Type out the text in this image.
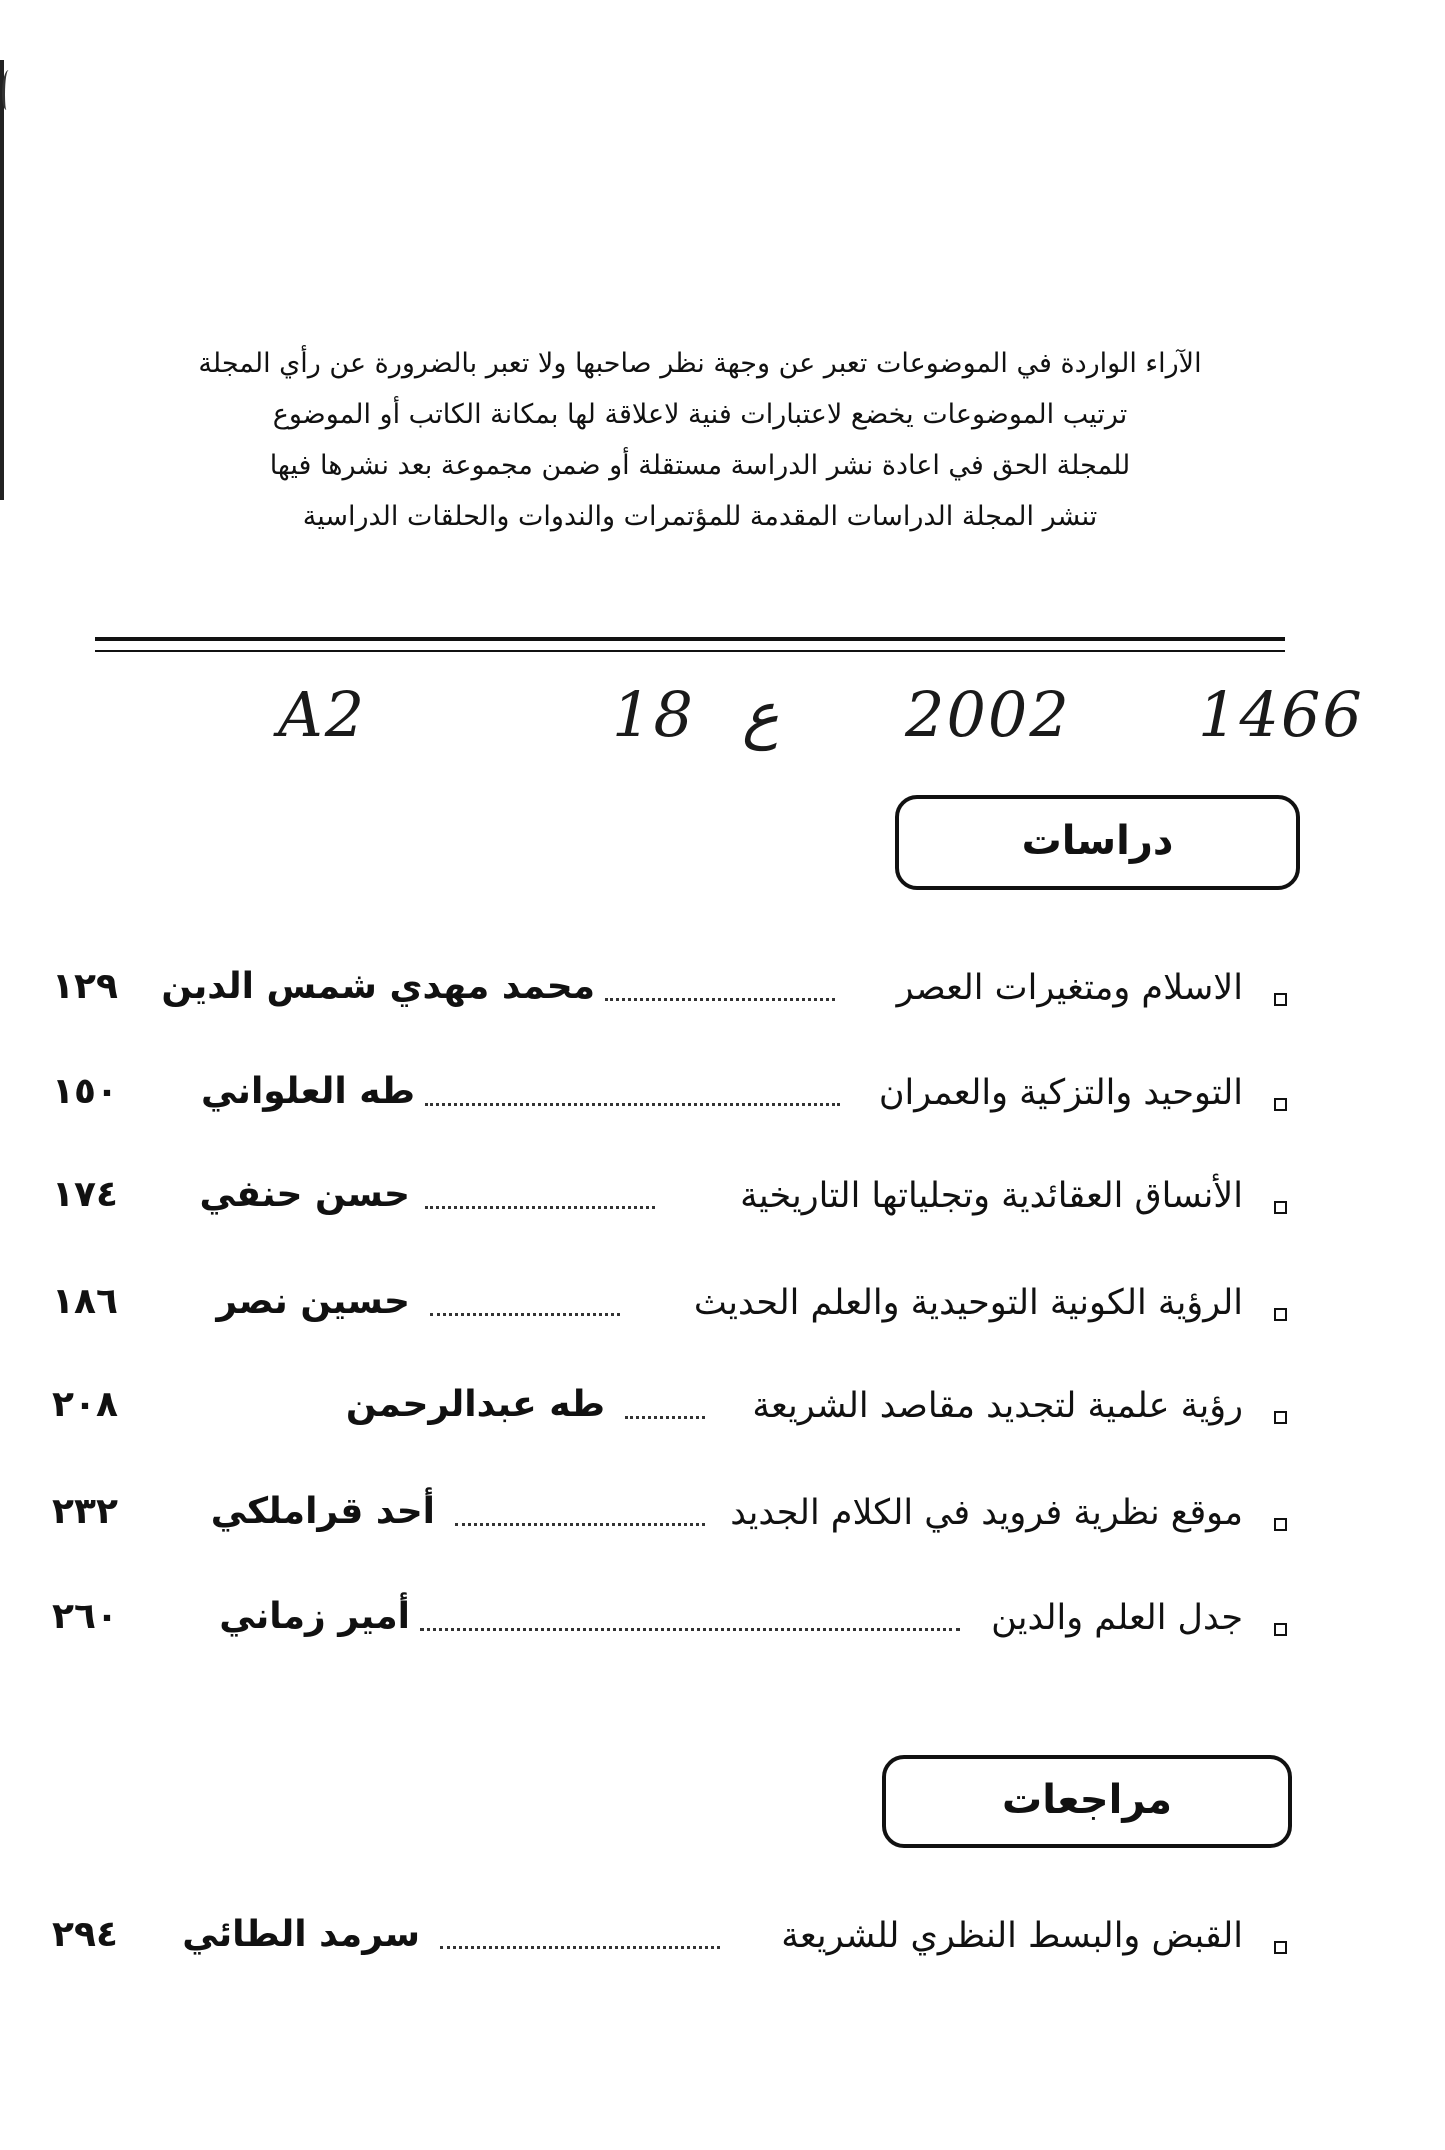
الآراء الواردة في الموضوعات تعبر عن وجهة نظر صاحبها ولا تعبر بالضرورة عن رأي المجلة
ترتيب الموضوعات يخضع لاعتبارات فنية لاعلاقة لها بمكانة الكاتب أو الموضوع
للمجلة الحق في اعادة نشر الدراسة مستقلة أو ضمن مجموعة بعد نشرها فيها
تنشر المجلة الدراسات المقدمة للمؤتمرات والندوات والحلقات الدراسية
A2	18 ع 2002 1466
دراسات
الاسلام ومتغيرات العصر
محمد مهدي شمس الدين
١٢٩
التوحيد والتزكية والعمران
طه العلواني
١٥٠
الأنساق العقائدية وتجلياتها التاريخية
حسن حنفي
١٧٤
الرؤية الكونية التوحيدية والعلم الحديث
حسين نصر
١٨٦
رؤية علمية لتجديد مقاصد الشريعة
طه عبدالرحمن
٢٠٨
موقع نظرية فرويد في الكلام الجديد
أحد قراملكي
٢٣٢
جدل العلم والدين
أمير زماني
٢٦٠
مراجعات
القبض والبسط النظري للشريعة
سرمد الطائي
٢٩٤
